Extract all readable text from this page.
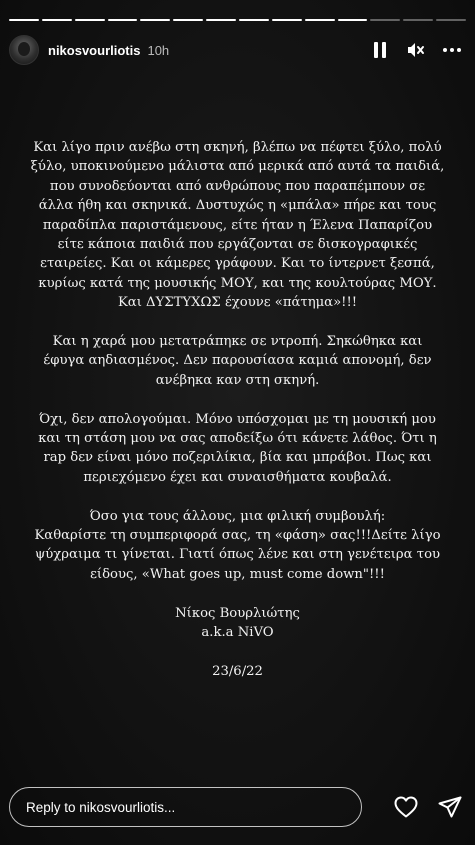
nikosvourliotis 10h

Και λίγο πριν ανέβω στη σκηνή, βλέπω να πέφτει ξύλο, πολύ
ξύλο, υποκινούμενο μάλιστα από μερικά από αυτά τα παιδιά,
που συνοδεύονται από ανθρώπους που παραπέμπουν σε
άλλα ήθη και σκηνικά. Δυστυχώς η «μπάλα» πήρε και τους
παραδίπλα παριστάμενους, είτε ήταν η Έλενα Παπαρίζου
είτε κάποια παιδιά που εργάζονται σε δισκογραφικές
εταιρείες. Και οι κάμερες γράφουν. Και το ίντερνετ ξεσπά,
κυρίως κατά της μουσικής ΜΟΥ, και της κουλτούρας ΜΟΥ.
Και ΔΥΣΤΥΧΩΣ έχουνε «πάτημα»!!!

Και η χαρά μου μετατράπηκε σε ντροπή. Σηκώθηκα και
έφυγα αηδιασμένος. Δεν παρουσίασα καμιά απονομή, δεν
ανέβηκα καν στη σκηνή.

Όχι, δεν απολογούμαι. Μόνο υπόσχομαι με τη μουσική μου
και τη στάση μου να σας αποδείξω ότι κάνετε λάθος. Ότι η
rap δεν είναι μόνο ποζεριλίκια, βία και μπράβοι. Πως και
περιεχόμενο έχει και συναισθήματα κουβαλά.

Όσο για τους άλλους, μια φιλική συμβουλή:
Καθαρίστε τη συμπεριφορά σας, τη «φάση» σας!!!Δείτε λίγο
ψύχραιμα τι γίνεται. Γιατί όπως λένε και στη γενέτειρα του
είδους, «What goes up, must come down"!!!

Νίκος Βουρλιώτης

a.k.a NiVO

23/6/22

Reply to nikosvourliotis...
